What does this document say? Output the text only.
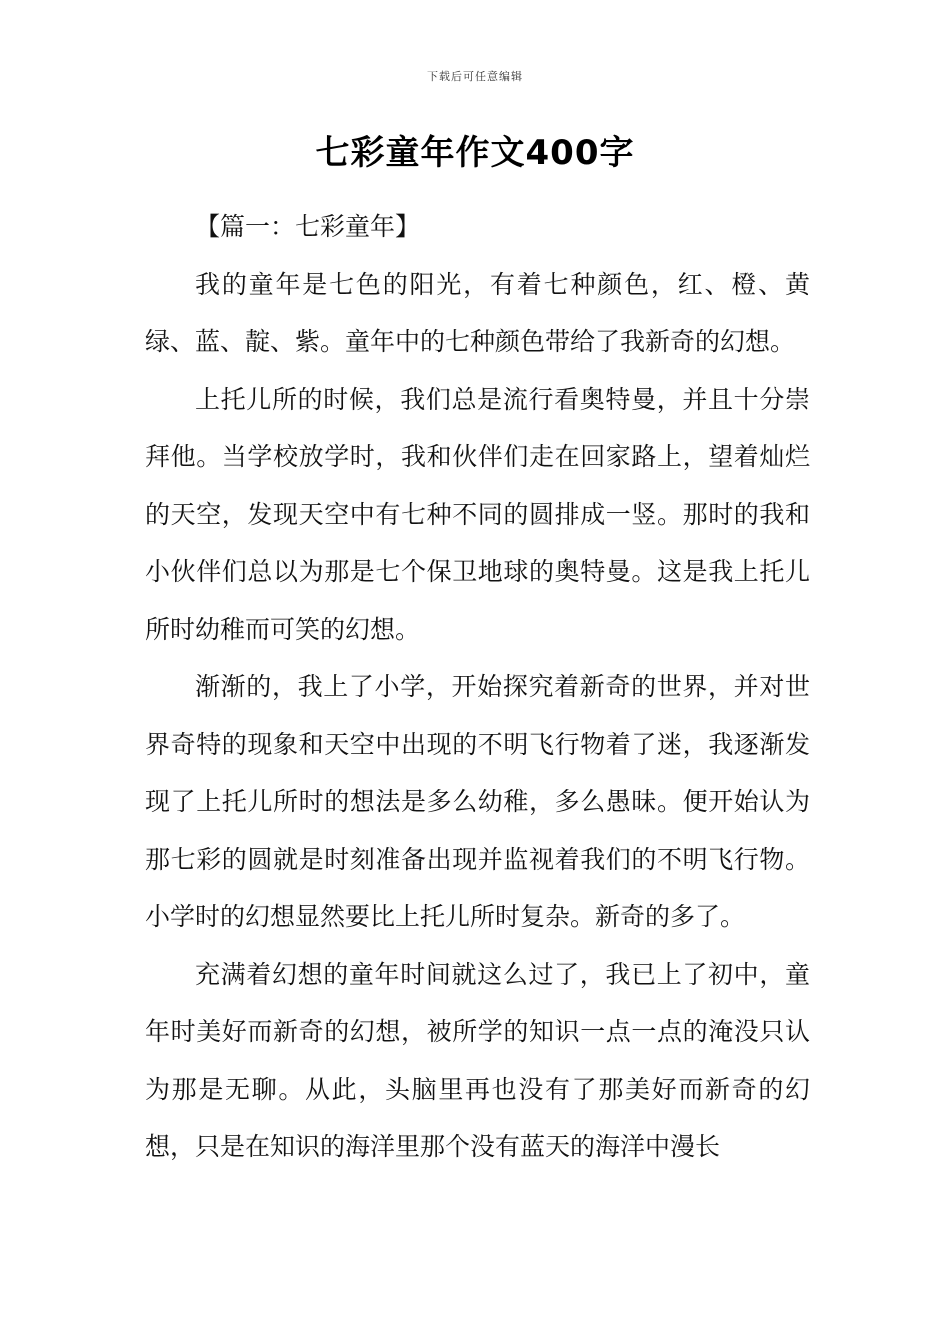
下载后可任意编辑
七彩童年作文400字

【篇一：七彩童年】

我的童年是七色的阳光，有着七种颜色，红、橙、黄绿、蓝、靛、紫。童年中的七种颜色带给了我新奇的幻想。

上托儿所的时候，我们总是流行看奥特曼，并且十分崇拜他。当学校放学时，我和伙伴们走在回家路上，望着灿烂的天空，发现天空中有七种不同的圆排成一竖。那时的我和小伙伴们总以为那是七个保卫地球的奥特曼。这是我上托儿所时幼稚而可笑的幻想。

渐渐的，我上了小学，开始探究着新奇的世界，并对世界奇特的现象和天空中出现的不明飞行物着了迷，我逐渐发现了上托儿所时的想法是多么幼稚，多么愚昧。便开始认为那七彩的圆就是时刻准备出现并监视着我们的不明飞行物。小学时的幻想显然要比上托儿所时复杂。新奇的多了。

充满着幻想的童年时间就这么过了，我已上了初中，童年时美好而新奇的幻想，被所学的知识一点一点的淹没只认为那是无聊。从此，头脑里再也没有了那美好而新奇的幻想，只是在知识的海洋里那个没有蓝天的海洋中漫长
